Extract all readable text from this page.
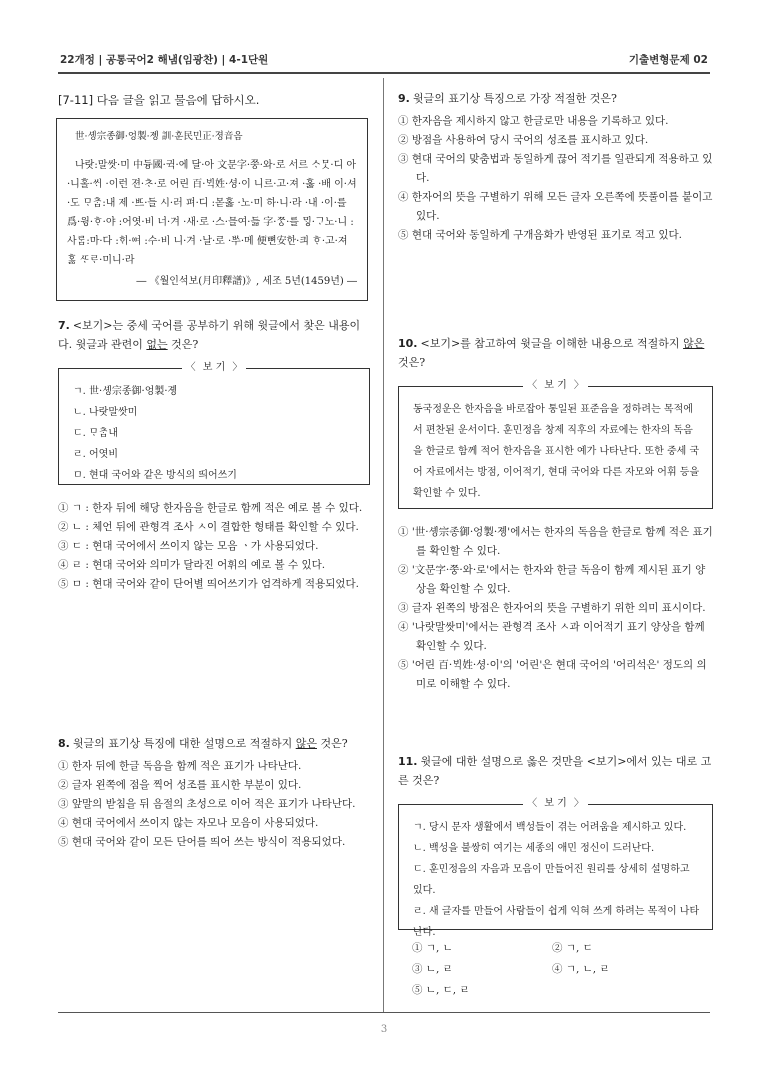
22개정 | 공통국어2 해냄(임광찬) | 4-1단원	기출변형문제 02
[7-11] 다음 글을 읽고 물음에 답하시오.
世·솅宗종御·엉製·졩 訓·훈民민正·졍音음
나랏:말쌋·미 中듕國·귁·에 달·아 文문字·쭝·와·로 서르 ᄉᆞᄆᆞᆺ·디 아·니홀·ᄊᆡ ·이런 젼·ᄎᆞ·로 어린 百·ᄇᆡᆨ姓·셩·이 니르·고·져 ·홇 ·배 이·셔·도 ᄆᆞᄎᆞᆷ:내 제 ·ᄠᅳ·들 시·러 펴·디 :몯홇 ·노·미 하·니·라 ·내 ·이·를 爲·윙·ᄒᆞ·야 :어엿·비 너·겨 ·새·로 ·스·믈여·듧 字·ᄍᆞᆼ·를 ᄆᆡᇰ·ᄀᆞ노·니 :사ᄅᆞᆷ:마·다 :ᄒᆡ·ᅇᅧ :수·비 니·겨 ·날·로 ·ᄡᅮ·메 便뼌安한·킈 ᄒᆞ·고·져 ᄒᆞᇙ ᄯᆞᄅᆞ·미니·라
― 《월인석보(月印釋譜)》, 세조 5년(1459년) ―
7. <보기>는 중세 국어를 공부하기 위해 윗글에서 찾은 내용이다. 윗글과 관련이 없는 것은?
〈 보 기 〉
ㄱ. 世·솅宗종御·엉製·졩
ㄴ. 나랏말쌋미
ㄷ. ᄆᆞᄎᆞᆷ내
ㄹ. 어엿비
ㅁ. 현대 국어와 같은 방식의 띄어쓰기
① ㄱ : 한자 뒤에 해당 한자음을 한글로 함께 적은 예로 볼 수 있다.
② ㄴ : 체언 뒤에 관형격 조사 ㅅ이 결합한 형태를 확인할 수 있다.
③ ㄷ : 현대 국어에서 쓰이지 않는 모음 ㆍ가 사용되었다.
④ ㄹ : 현대 국어와 의미가 달라진 어휘의 예로 볼 수 있다.
⑤ ㅁ : 현대 국어와 같이 단어별 띄어쓰기가 엄격하게 적용되었다.
8. 윗글의 표기상 특징에 대한 설명으로 적절하지 않은 것은?
① 한자 뒤에 한글 독음을 함께 적은 표기가 나타난다.
② 글자 왼쪽에 점을 찍어 성조를 표시한 부분이 있다.
③ 앞말의 받침을 뒤 음절의 초성으로 이어 적은 표기가 나타난다.
④ 현대 국어에서 쓰이지 않는 자모나 모음이 사용되었다.
⑤ 현대 국어와 같이 모든 단어를 띄어 쓰는 방식이 적용되었다.
9. 윗글의 표기상 특징으로 가장 적절한 것은?
① 한자음을 제시하지 않고 한글로만 내용을 기록하고 있다.
② 방점을 사용하여 당시 국어의 성조를 표시하고 있다.
③ 현대 국어의 맞춤법과 동일하게 끊어 적기를 일관되게 적용하고 있다.
④ 한자어의 뜻을 구별하기 위해 모든 글자 오른쪽에 뜻풀이를 붙이고 있다.
⑤ 현대 국어와 동일하게 구개음화가 반영된 표기로 적고 있다.
10. <보기>를 참고하여 윗글을 이해한 내용으로 적절하지 않은 것은?
〈 보 기 〉
동국정운은 한자음을 바로잡아 통일된 표준음을 정하려는 목적에서 편찬된 운서이다. 훈민정음 창제 직후의 자료에는 한자의 독음을 한글로 함께 적어 한자음을 표시한 예가 나타난다. 또한 중세 국어 자료에서는 방점, 이어적기, 현대 국어와 다른 자모와 어휘 등을 확인할 수 있다.
① '世·솅宗종御·엉製·졩'에서는 한자의 독음을 한글로 함께 적은 표기를 확인할 수 있다.
② '文문字·쭝·와·로'에서는 한자와 한글 독음이 함께 제시된 표기 양상을 확인할 수 있다.
③ 글자 왼쪽의 방점은 한자어의 뜻을 구별하기 위한 의미 표시이다.
④ '나랏말쌋미'에서는 관형격 조사 ㅅ과 이어적기 표기 양상을 함께 확인할 수 있다.
⑤ '어린 百·ᄇᆡᆨ姓·셩·이'의 '어린'은 현대 국어의 '어리석은' 정도의 의미로 이해할 수 있다.
11. 윗글에 대한 설명으로 옳은 것만을 <보기>에서 있는 대로 고른 것은?
〈 보 기 〉
ㄱ. 당시 문자 생활에서 백성들이 겪는 어려움을 제시하고 있다.
ㄴ. 백성을 불쌍히 여기는 세종의 애민 정신이 드러난다.
ㄷ. 훈민정음의 자음과 모음이 만들어진 원리를 상세히 설명하고 있다.
ㄹ. 새 글자를 만들어 사람들이 쉽게 익혀 쓰게 하려는 목적이 나타난다.
① ㄱ, ㄴ	② ㄱ, ㄷ
③ ㄴ, ㄹ	④ ㄱ, ㄴ, ㄹ
⑤ ㄴ, ㄷ, ㄹ
3
